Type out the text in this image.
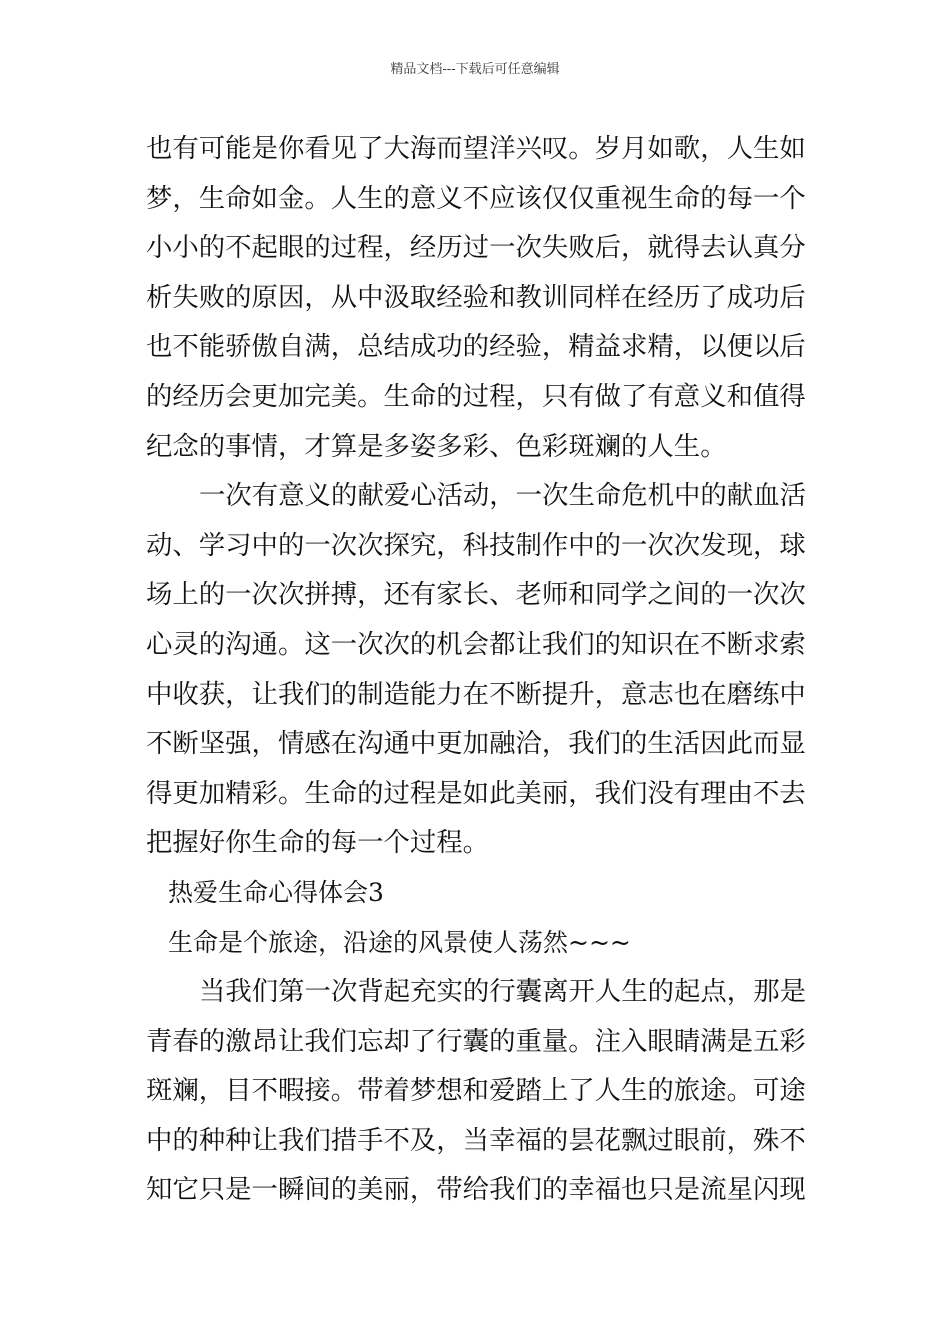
精品文档---下载后可任意编辑
也有可能是你看见了大海而望洋兴叹。岁月如歌，人生如
梦，生命如金。人生的意义不应该仅仅重视生命的每一个
小小的不起眼的过程，经历过一次失败后，就得去认真分
析失败的原因，从中汲取经验和教训同样在经历了成功后
也不能骄傲自满，总结成功的经验，精益求精，以便以后
的经历会更加完美。生命的过程，只有做了有意义和值得
纪念的事情，才算是多姿多彩、色彩斑斓的人生。
一次有意义的献爱心活动，一次生命危机中的献血活
动、学习中的一次次探究，科技制作中的一次次发现，球
场上的一次次拼搏，还有家长、老师和同学之间的一次次
心灵的沟通。这一次次的机会都让我们的知识在不断求索
中收获，让我们的制造能力在不断提升，意志也在磨练中
不断坚强，情感在沟通中更加融洽，我们的生活因此而显
得更加精彩。生命的过程是如此美丽，我们没有理由不去
把握好你生命的每一个过程。
热爱生命心得体会3
生命是个旅途，沿途的风景使人荡然~~~
当我们第一次背起充实的行囊离开人生的起点，那是
青春的激昂让我们忘却了行囊的重量。注入眼睛满是五彩
斑斓，目不暇接。带着梦想和爱踏上了人生的旅途。可途
中的种种让我们措手不及，当幸福的昙花飘过眼前，殊不
知它只是一瞬间的美丽，带给我们的幸福也只是流星闪现
